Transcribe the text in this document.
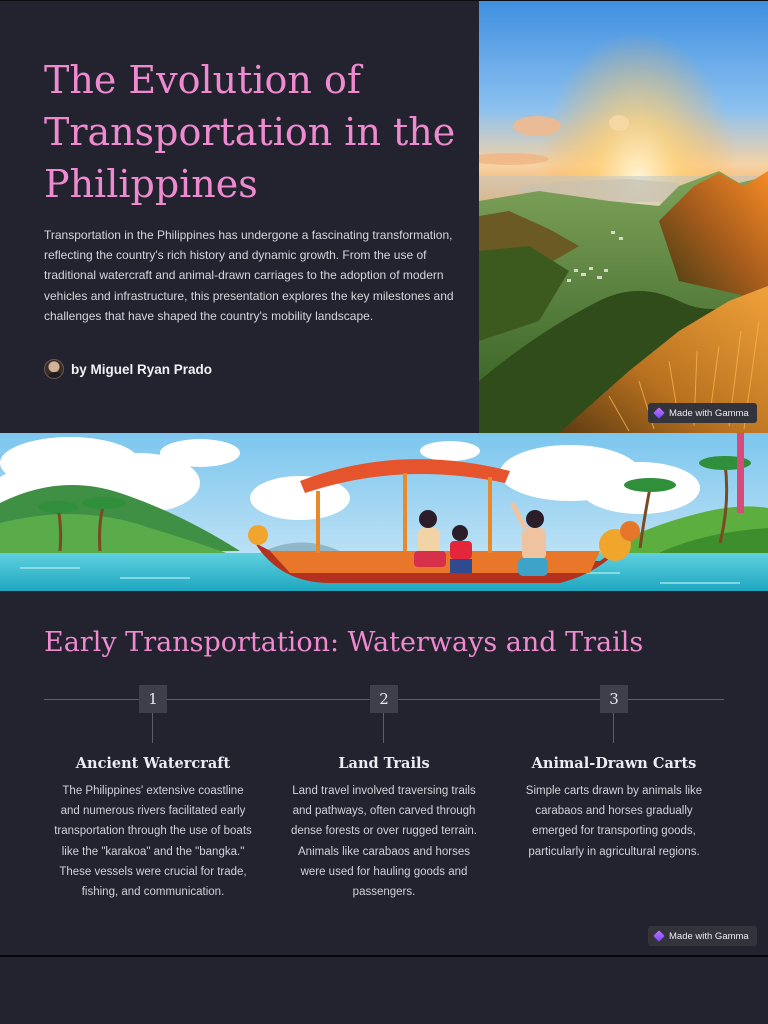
The Evolution of Transportation in the Philippines

Transportation in the Philippines has undergone a fascinating transformation, reflecting the country's rich history and dynamic growth. From the use of traditional watercraft and animal-drawn carriages to the adoption of modern vehicles and infrastructure, this presentation explores the key milestones and challenges that have shaped the country's mobility landscape.

by Miguel Ryan Prado
Made with Gamma
Early Transportation: Waterways and Trails
1
Ancient Watercraft

The Philippines' extensive coastline and numerous rivers facilitated early transportation through the use of boats like the "karakoa" and the "bangka." These vessels were crucial for trade, fishing, and communication.

2
Land Trails

Land travel involved traversing trails and pathways, often carved through dense forests or over rugged terrain. Animals like carabaos and horses were used for hauling goods and passengers.

3
Animal-Drawn Carts

Simple carts drawn by animals like carabaos and horses gradually emerged for transporting goods, particularly in agricultural regions.

Made with Gamma
